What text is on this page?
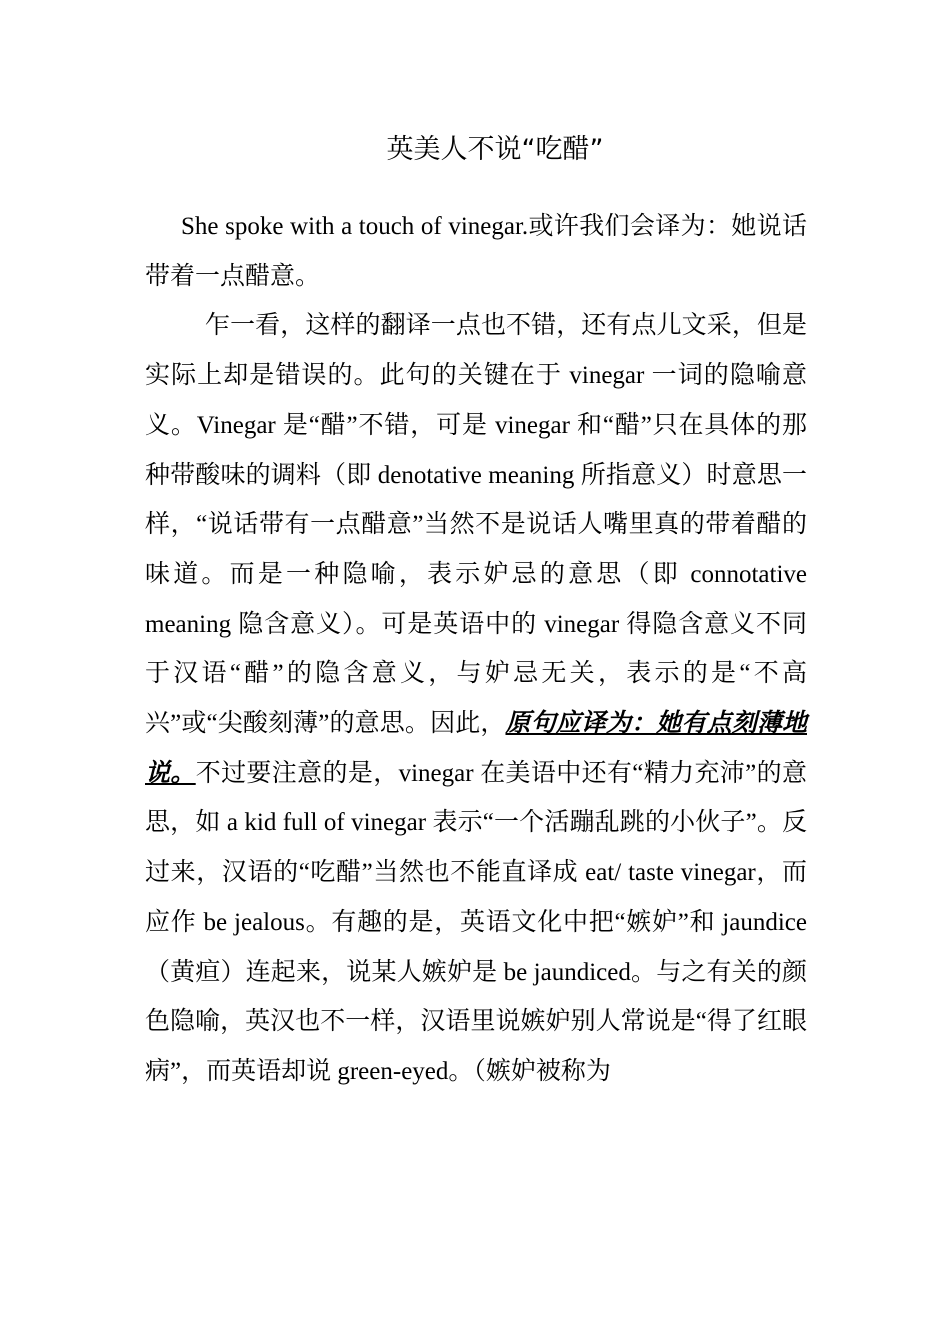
英美人不说“吃醋”

She spoke with a touch of vinegar.或许我们会译为：她说话带着一点醋意。

乍一看，这样的翻译一点也不错，还有点儿文采，但是实际上却是错误的。此句的关键在于 vinegar 一词的隐喻意义。Vinegar 是“醋”不错，可是 vinegar 和“醋”只在具体的那种带酸味的调料（即 denotative meaning 所指意义）时意思一样，“说话带有一点醋意”当然不是说话人嘴里真的带着醋的味道。而是一种隐喻，表示妒忌的意思（即 connotative meaning 隐含意义）。可是英语中的 vinegar 得隐含意义不同于汉语“醋”的隐含意义，与妒忌无关，表示的是“不高兴”或“尖酸刻薄”的意思。因此，原句应译为：她有点刻薄地说。不过要注意的是，vinegar 在美语中还有“精力充沛”的意思，如 a kid full of vinegar 表示“一个活蹦乱跳的小伙子”。反过来，汉语的“吃醋”当然也不能直译成 eat/ taste vinegar，而应作 be jealous。有趣的是，英语文化中把“嫉妒”和 jaundice（黄疸）连起来，说某人嫉妒是 be jaundiced。与之有关的颜色隐喻，英汉也不一样，汉语里说嫉妒别人常说是“得了红眼病”，而英语却说 green-eyed。（嫉妒被称为
